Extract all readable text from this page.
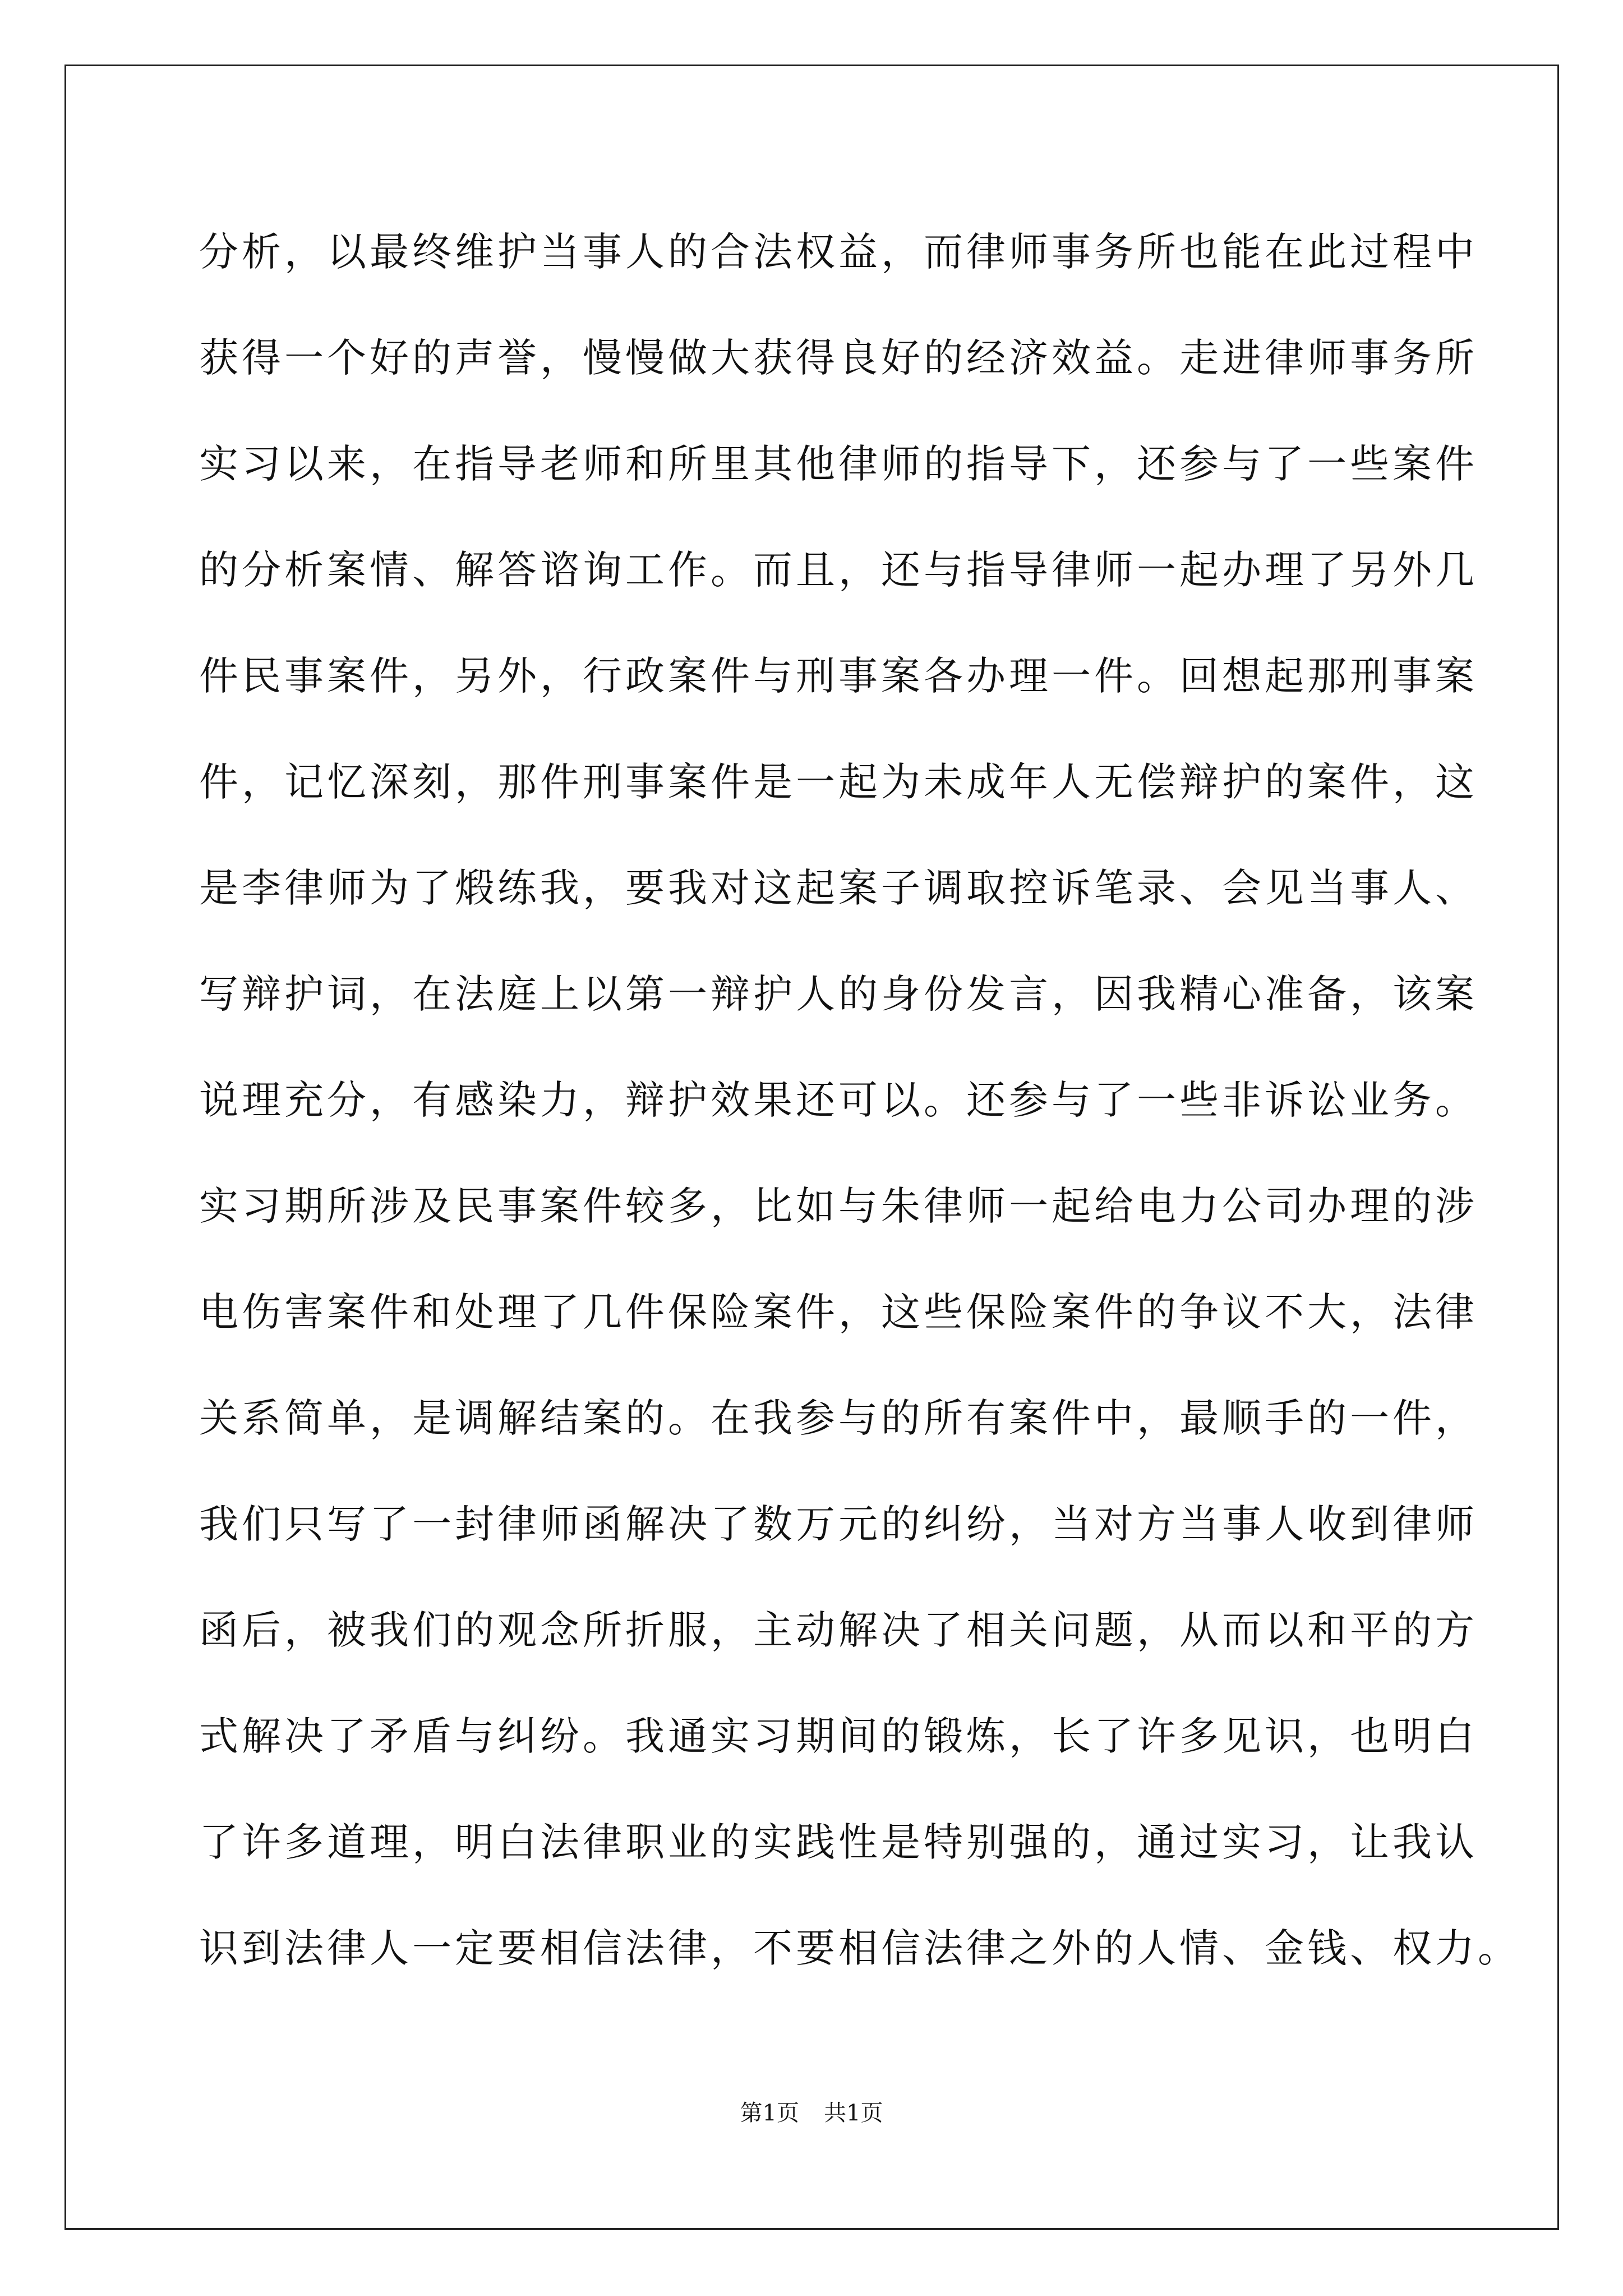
分析，以最终维护当事人的合法权益，而律师事务所也能在此过程中
获得一个好的声誉，慢慢做大获得良好的经济效益。走进律师事务所
实习以来，在指导老师和所里其他律师的指导下，还参与了一些案件
的分析案情、解答谘询工作。而且，还与指导律师一起办理了另外几
件民事案件，另外，行政案件与刑事案各办理一件。回想起那刑事案
件，记忆深刻，那件刑事案件是一起为未成年人无偿辩护的案件，这
是李律师为了煅练我，要我对这起案子调取控诉笔录、会见当事人、
写辩护词，在法庭上以第一辩护人的身份发言，因我精心准备，该案
说理充分，有感染力，辩护效果还可以。还参与了一些非诉讼业务。
实习期所涉及民事案件较多，比如与朱律师一起给电力公司办理的涉
电伤害案件和处理了几件保险案件，这些保险案件的争议不大，法律
关系简单，是调解结案的。在我参与的所有案件中，最顺手的一件，
我们只写了一封律师函解决了数万元的纠纷，当对方当事人收到律师
函后，被我们的观念所折服，主动解决了相关问题，从而以和平的方
式解决了矛盾与纠纷。我通实习期间的锻炼，长了许多见识，也明白
了许多道理，明白法律职业的实践性是特别强的，通过实习，让我认
识到法律人一定要相信法律，不要相信法律之外的人情、金钱、权力。
第1页 共1页
